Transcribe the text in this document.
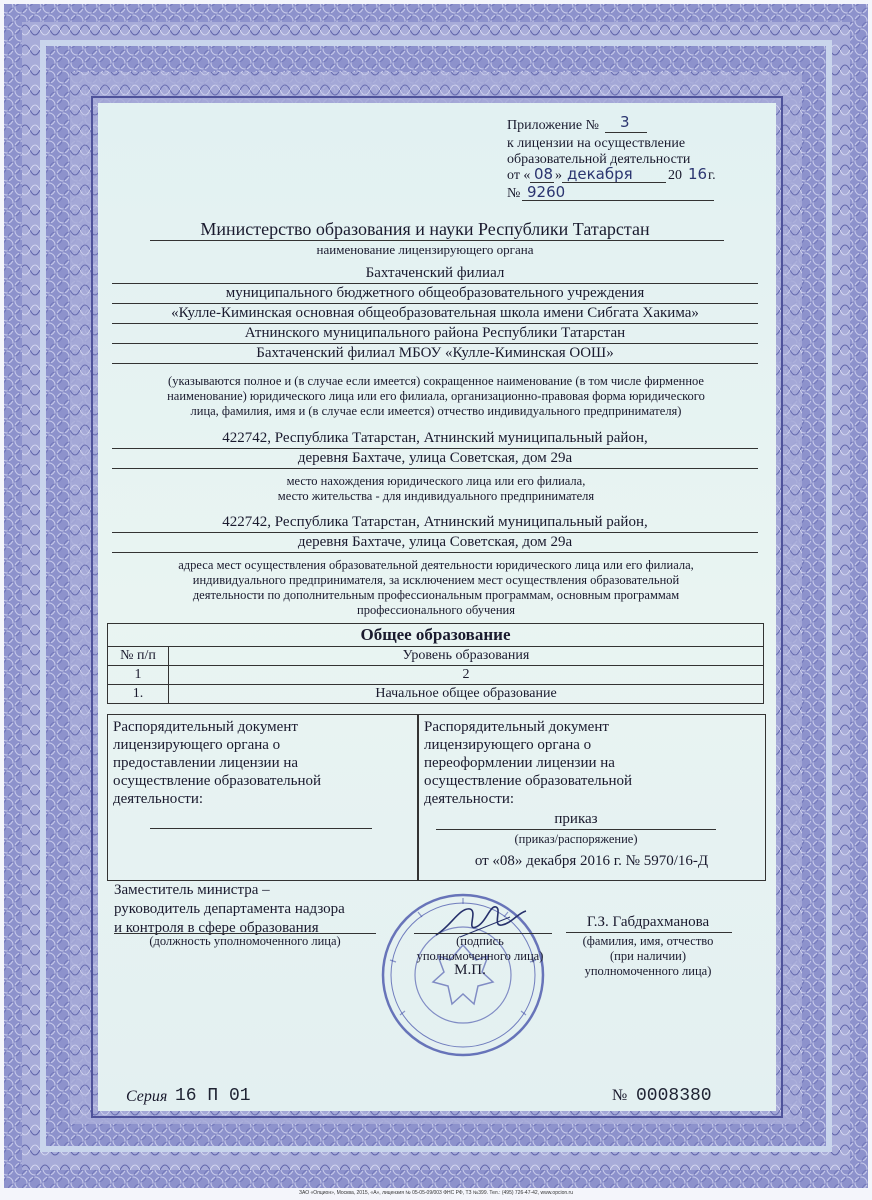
Приложение № 3
к лицензии на осуществление
образовательной деятельности
от « 08 » декабря	20 16 г.
№ 9260
Министерство образования и науки Республики Татарстан
наименование лицензирующего органа
Бахтаченский филиал
муниципального бюджетного общеобразовательного учреждения
«Кулле-Киминская основная общеобразовательная школа имени Сибгата Хакима»
Атнинского муниципального района Республики Татарстан
Бахтаченский филиал МБОУ «Кулле-Киминская ООШ»
(указываются полное и (в случае если имеется) сокращенное наименование (в том числе фирменное
наименование) юридического лица или его филиала, организационно-правовая форма юридического
лица, фамилия, имя и (в случае если имеется) отчество индивидуального предпринимателя)
422742, Республика Татарстан, Атнинский муниципальный район,
деревня Бахтаче, улица Советская, дом 29а
место нахождения юридического лица или его филиала,
место жительства - для индивидуального предпринимателя
422742, Республика Татарстан, Атнинский муниципальный район,
деревня Бахтаче, улица Советская, дом 29а
адреса мест осуществления образовательной деятельности юридического лица или его филиала,
индивидуального предпринимателя, за исключением мест осуществления образовательной
деятельности по дополнительным профессиональным программам, основным программам
профессионального обучения
Общее образование	
№ п/п	Уровень образования
1	2
1.	Начальное общее образование
Распорядительный документ
лицензирующего органа о
предоставлении лицензии на
осуществление образовательной
деятельности:
Распорядительный документ
лицензирующего органа о
переоформлении лицензии на
осуществление образовательной
деятельности:
приказ
(приказ/распоряжение)
от «08» декабря 2016 г. № 5970/16-Д
Заместитель министра –
руководитель департамента надзора
и контроля в сфере образования
(должность уполномоченного лица)	(подпись
уполномоченного лица)
М.П.
Г.З. Габдрахманова
(фамилия, имя, отчество
(при наличии)
уполномоченного лица)
Серия 16 П 01	№ 0008380
ЗАО «Опцион», Москва, 2015, «А», лицензия № 05-05-09/003 ФНС РФ, ТЗ №399. Тел.: (495) 726-47-42, www.opcion.ru
